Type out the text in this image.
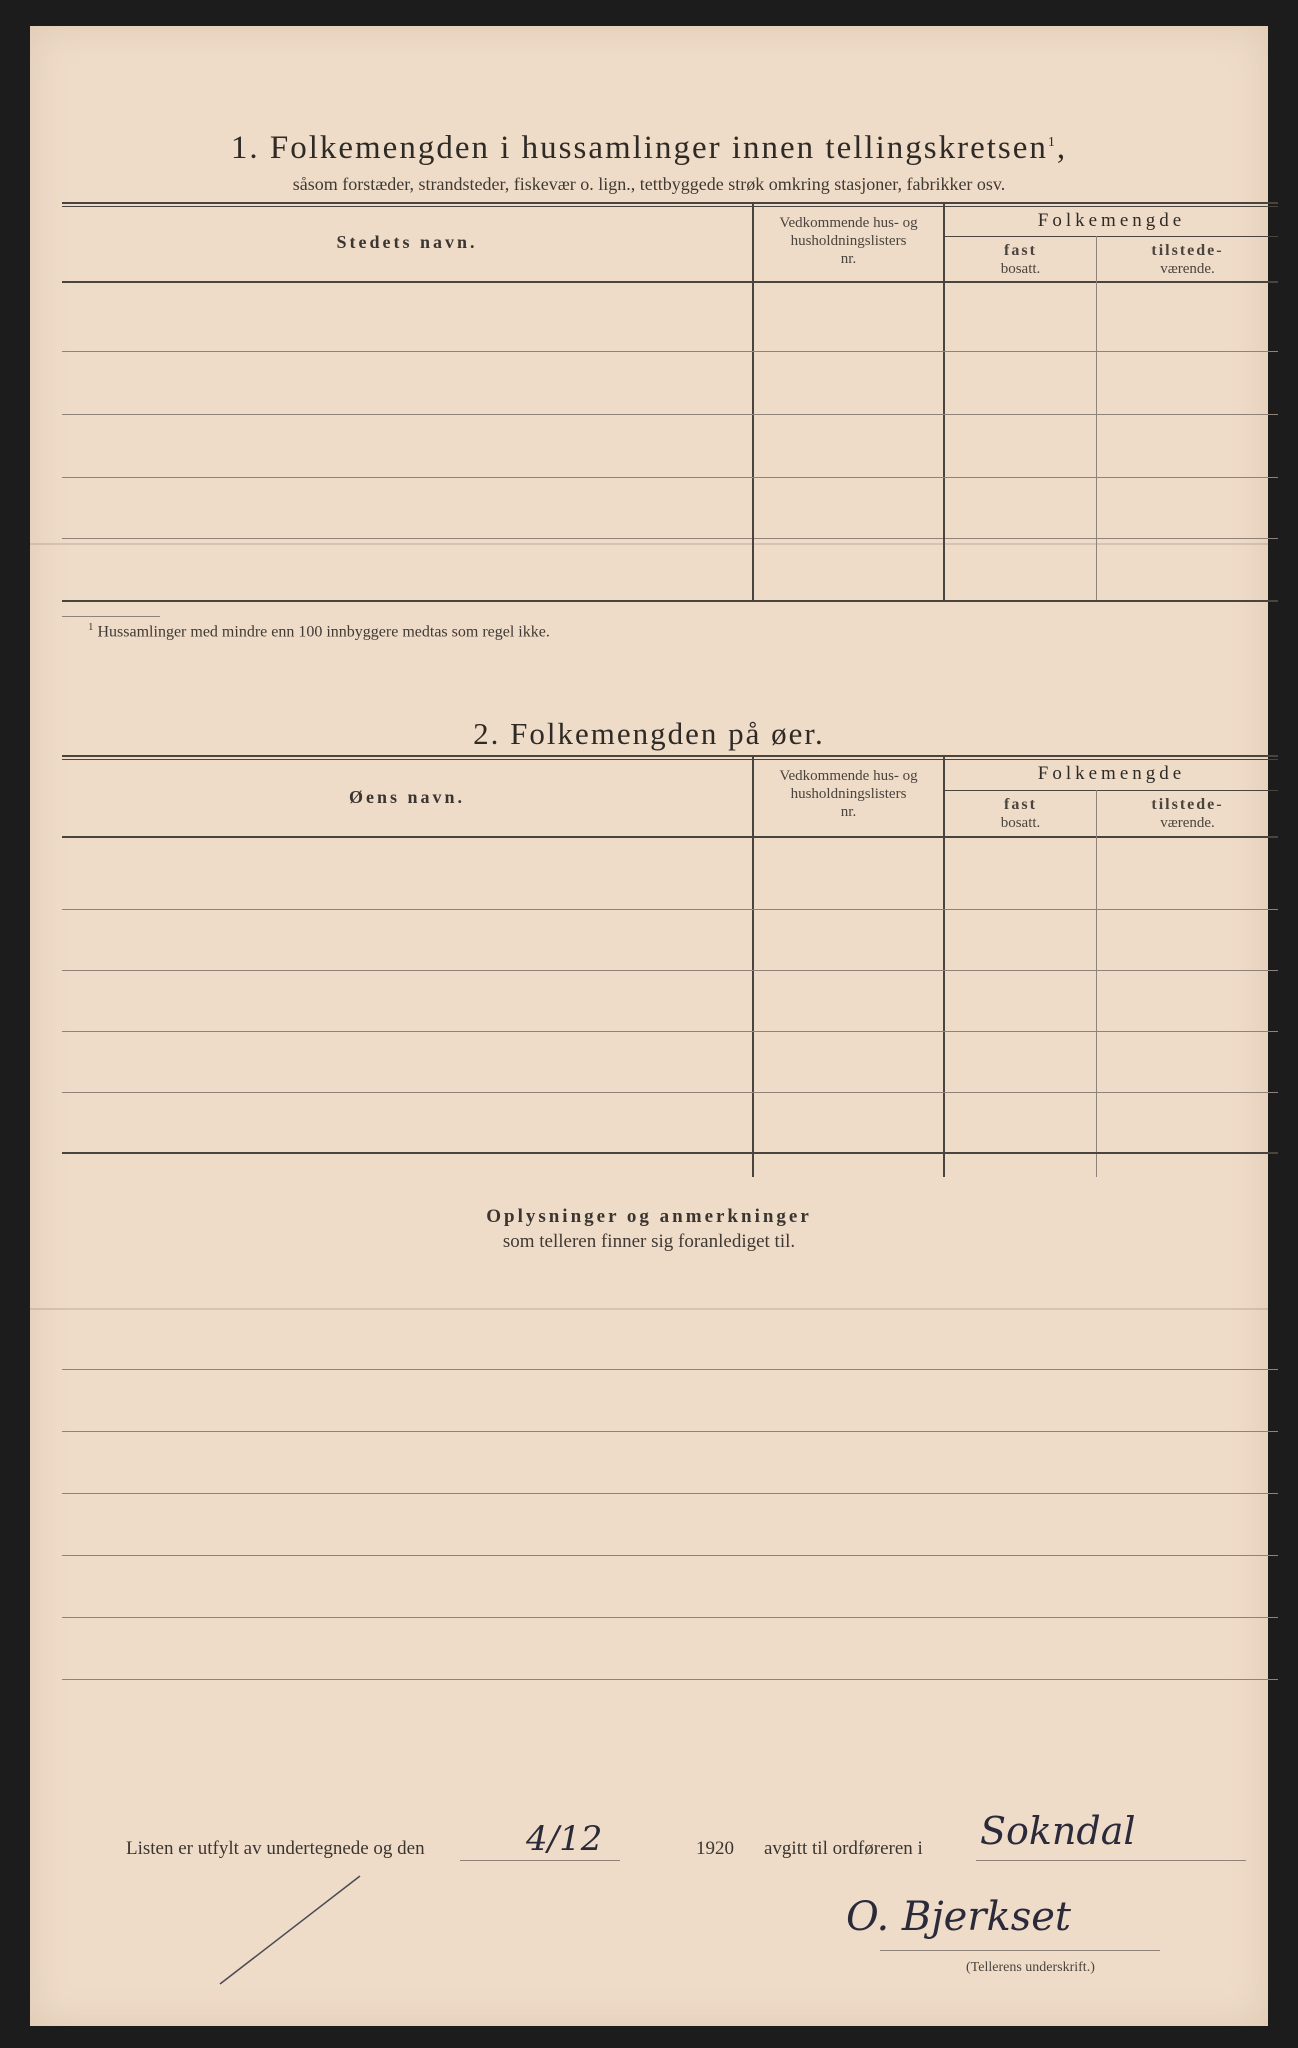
1. Folkemengden i hussamlinger innen tellingskretsen$^1$,
såsom forstæder, strandsteder, fiskevær o. lign., tettbyggede strøk omkring stasjoner, fabrikker osv.
Stedets navn.
Vedkommende hus- og
husholdningslisters
nr.
Folkemengde
fast
bosatt.
tilstede-
værende.
$^1$ Hussamlinger med mindre enn 100 innbyggere medtas som regel ikke.
2. Folkemengden på øer.
Øens navn.
Vedkommende hus- og
husholdningslisters
nr.
Folkemengde
fast
bosatt.
tilstede-
værende.
Oplysninger og anmerkninger
som telleren finner sig foranlediget til.
Listen er utfylt av undertegnede og den	4/12	1920 avgitt til ordføreren i Sokndal
O. Bjerkset
(Tellerens underskrift.)
